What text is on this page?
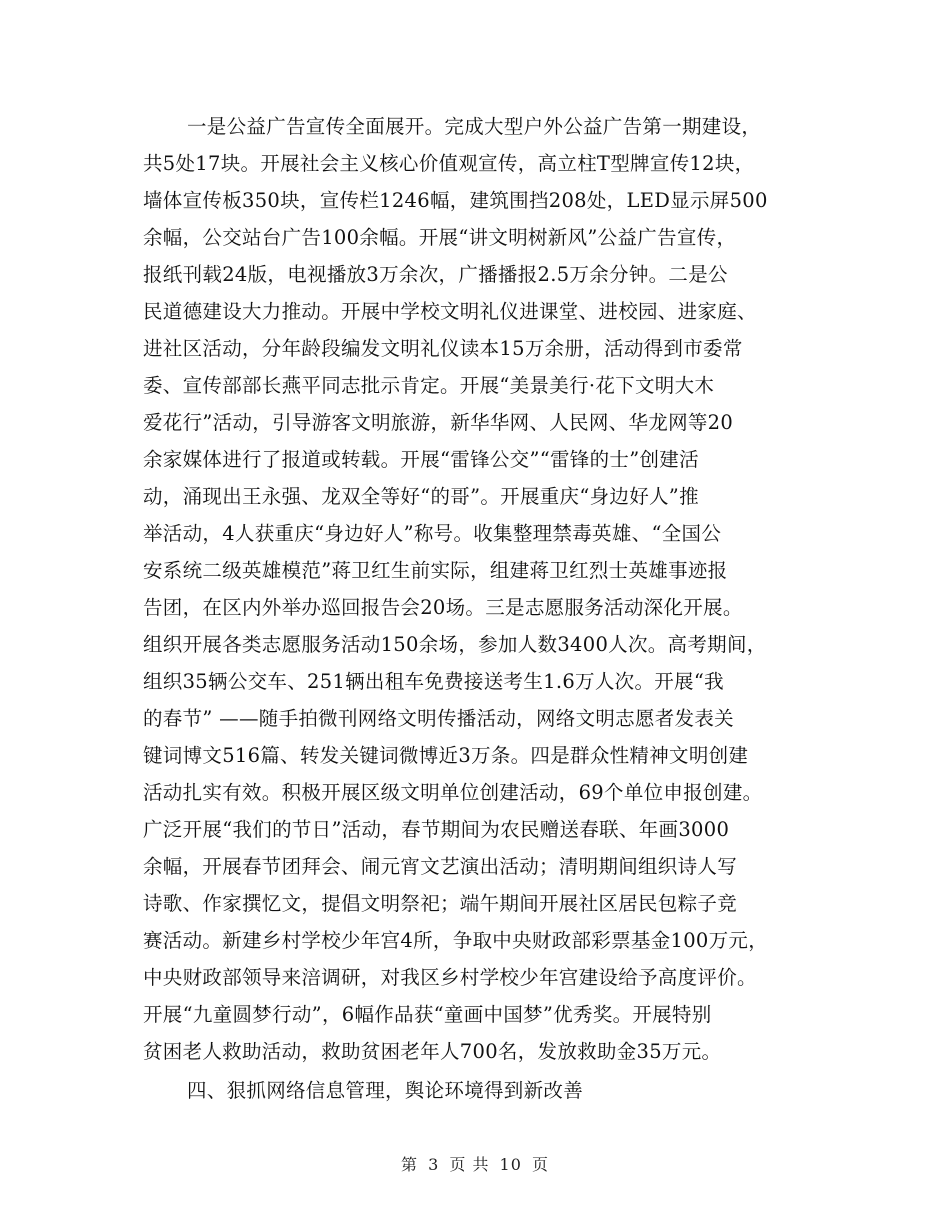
一是公益广告宣传全面展开。完成大型户外公益广告第一期建设，
共5处17块。开展社会主义核心价值观宣传，高立柱T型牌宣传12块，
墙体宣传板350块，宣传栏1246幅，建筑围挡208处，LED显示屏500
余幅，公交站台广告100余幅。开展“讲文明树新风”公益广告宣传，
报纸刊载24版，电视播放3万余次，广播播报2.5万余分钟。二是公
民道德建设大力推动。开展中学校文明礼仪进课堂、进校园、进家庭、
进社区活动，分年龄段编发文明礼仪读本15万余册，活动得到市委常
委、宣传部部长燕平同志批示肯定。开展“美景美行·花下文明大木
爱花行”活动，引导游客文明旅游，新华华网、人民网、华龙网等20
余家媒体进行了报道或转载。开展“雷锋公交”“雷锋的士”创建活
动，涌现出王永强、龙双全等好“的哥”。开展重庆“身边好人”推
举活动，4人获重庆“身边好人”称号。收集整理禁毒英雄、“全国公
安系统二级英雄模范”蒋卫红生前实际，组建蒋卫红烈士英雄事迹报
告团，在区内外举办巡回报告会20场。三是志愿服务活动深化开展。
组织开展各类志愿服务活动150余场，参加人数3400人次。高考期间，
组织35辆公交车、251辆出租车免费接送考生1.6万人次。开展“我
的春节” ——随手拍微刊网络文明传播活动，网络文明志愿者发表关
键词博文516篇、转发关键词微博近3万条。四是群众性精神文明创建
活动扎实有效。积极开展区级文明单位创建活动，69个单位申报创建。
广泛开展“我们的节日”活动，春节期间为农民赠送春联、年画3000
余幅，开展春节团拜会、闹元宵文艺演出活动；清明期间组织诗人写
诗歌、作家撰忆文，提倡文明祭祀；端午期间开展社区居民包粽子竞
赛活动。新建乡村学校少年宫4所，争取中央财政部彩票基金100万元，
中央财政部领导来涪调研，对我区乡村学校少年宫建设给予高度评价。
开展“九童圆梦行动”，6幅作品获“童画中国梦”优秀奖。开展特别
贫困老人救助活动，救助贫困老年人700名，发放救助金35万元。
四、狠抓网络信息管理，舆论环境得到新改善
第 3 页 共 10 页
